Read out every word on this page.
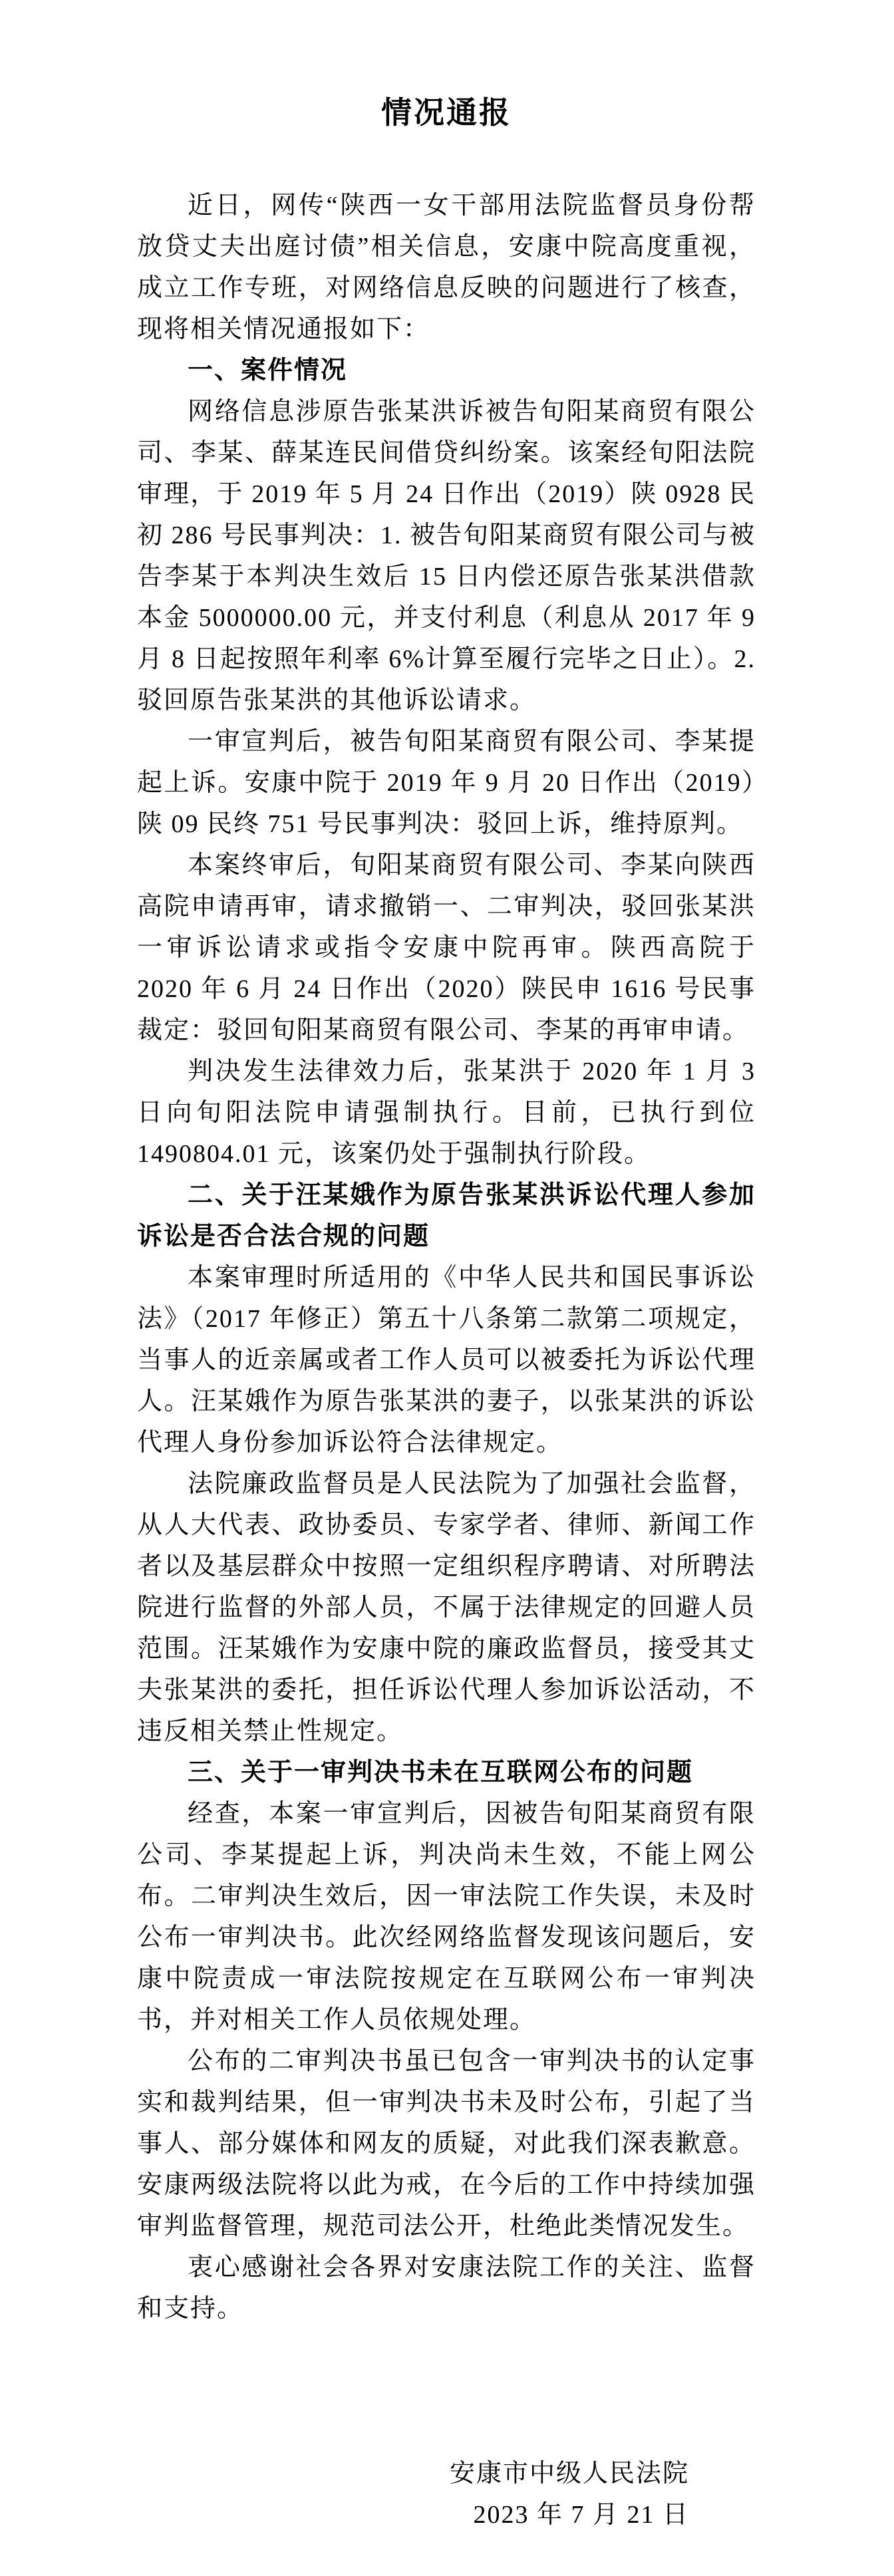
情况通报

近日，网传“陕西一女干部用法院监督员身份帮放贷丈夫出庭讨债”相关信息，安康中院高度重视，成立工作专班，对网络信息反映的问题进行了核查，现将相关情况通报如下：

一、案件情况

网络信息涉原告张某洪诉被告旬阳某商贸有限公司、李某、薛某连民间借贷纠纷案。该案经旬阳法院审理，于 2019 年 5 月 24 日作出（2019）陕 0928 民初 286 号民事判决：1. 被告旬阳某商贸有限公司与被告李某于本判决生效后 15 日内偿还原告张某洪借款本金 5000000.00 元，并支付利息（利息从 2017 年 9 月 8 日起按照年利率 6%计算至履行完毕之日止）。2. 驳回原告张某洪的其他诉讼请求。

一审宣判后，被告旬阳某商贸有限公司、李某提起上诉。安康中院于 2019 年 9 月 20 日作出（2019）陕 09 民终 751 号民事判决：驳回上诉，维持原判。

本案终审后，旬阳某商贸有限公司、李某向陕西高院申请再审，请求撤销一、二审判决，驳回张某洪一审诉讼请求或指令安康中院再审。陕西高院于 2020 年 6 月 24 日作出（2020）陕民申 1616 号民事裁定：驳回旬阳某商贸有限公司、李某的再审申请。

判决发生法律效力后，张某洪于 2020 年 1 月 3 日向旬阳法院申请强制执行。目前，已执行到位 1490804.01 元，该案仍处于强制执行阶段。

二、关于汪某娥作为原告张某洪诉讼代理人参加诉讼是否合法合规的问题

本案审理时所适用的《中华人民共和国民事诉讼法》（2017 年修正）第五十八条第二款第二项规定，当事人的近亲属或者工作人员可以被委托为诉讼代理人。汪某娥作为原告张某洪的妻子，以张某洪的诉讼代理人身份参加诉讼符合法律规定。

法院廉政监督员是人民法院为了加强社会监督，从人大代表、政协委员、专家学者、律师、新闻工作者以及基层群众中按照一定组织程序聘请、对所聘法院进行监督的外部人员，不属于法律规定的回避人员范围。汪某娥作为安康中院的廉政监督员，接受其丈夫张某洪的委托，担任诉讼代理人参加诉讼活动，不违反相关禁止性规定。

三、关于一审判决书未在互联网公布的问题

经查，本案一审宣判后，因被告旬阳某商贸有限公司、李某提起上诉，判决尚未生效，不能上网公布。二审判决生效后，因一审法院工作失误，未及时公布一审判决书。此次经网络监督发现该问题后，安康中院责成一审法院按规定在互联网公布一审判决书，并对相关工作人员依规处理。

公布的二审判决书虽已包含一审判决书的认定事实和裁判结果，但一审判决书未及时公布，引起了当事人、部分媒体和网友的质疑，对此我们深表歉意。安康两级法院将以此为戒，在今后的工作中持续加强审判监督管理，规范司法公开，杜绝此类情况发生。

衷心感谢社会各界对安康法院工作的关注、监督和支持。

安康市中级人民法院

2023 年 7 月 21 日
